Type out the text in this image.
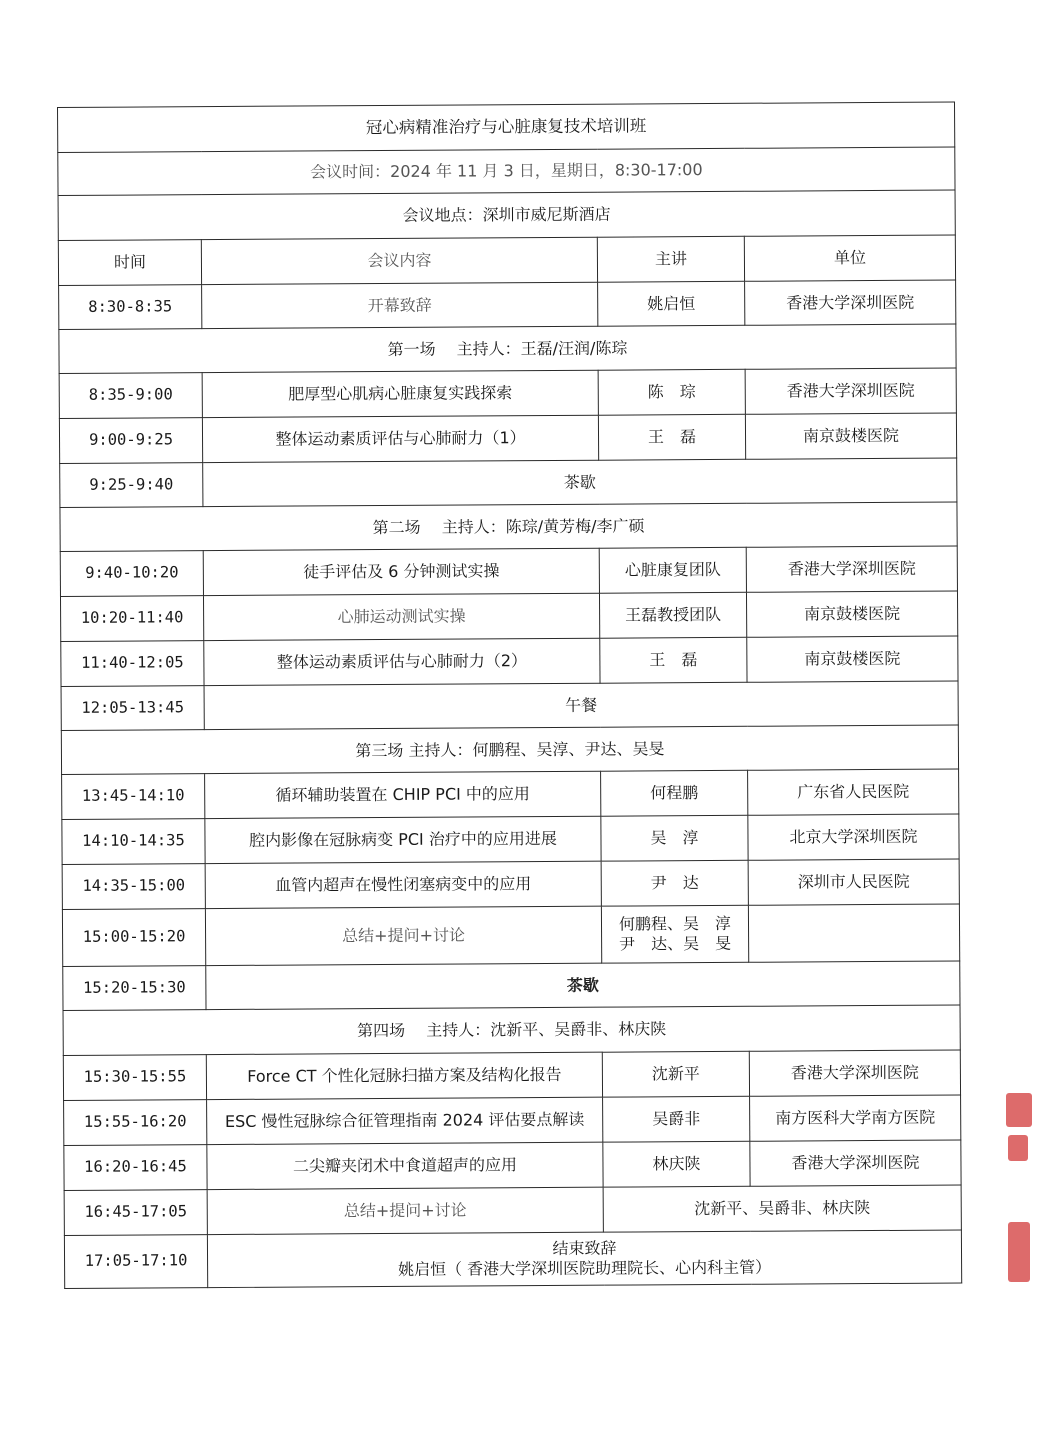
冠心病精准治疗与心脏康复技术培训班			
会议时间：2024 年 11 月 3 日，星期日，8:30-17:00			
会议地点：深圳市威尼斯酒店			
时间	会议内容	主讲	单位
8:30-8:35	开幕致辞	姚启恒	香港大学深圳医院
第一场　 主持人：王磊/汪润/陈琮			
8:35-9:00	肥厚型心肌病心脏康复实践探索	陈　琮	香港大学深圳医院
9:00-9:25	整体运动素质评估与心肺耐力（1）	王　磊	南京鼓楼医院
9:25-9:40	茶歇		
第二场　 主持人：陈琮/黄芳梅/李广硕			
9:40-10:20	徒手评估及 6 分钟测试实操	心脏康复团队	香港大学深圳医院
10:20-11:40	心肺运动测试实操	王磊教授团队	南京鼓楼医院
11:40-12:05	整体运动素质评估与心肺耐力（2）	王　磊	南京鼓楼医院
12:05-13:45	午餐		
第三场 主持人：何鹏程、吴淳、尹达、吴旻			
13:45-14:10	循环辅助装置在 CHIP PCI 中的应用	何程鹏	广东省人民医院
14:10-14:35	腔内影像在冠脉病变 PCI 治疗中的应用进展	吴　淳	北京大学深圳医院
14:35-15:00	血管内超声在慢性闭塞病变中的应用	尹　达	深圳市人民医院
15:00-15:20	总结+提问+讨论	何鹏程、吴　淳
尹　达、吴　旻	

15:20-15:30	茶歇		
第四场　 主持人：沈新平、吴爵非、林庆陕			
15:30-15:55	Force CT 个性化冠脉扫描方案及结构化报告	沈新平	香港大学深圳医院
15:55-16:20	ESC 慢性冠脉综合征管理指南 2024 评估要点解读	吴爵非	南方医科大学南方医院
16:20-16:45	二尖瓣夹闭术中食道超声的应用	林庆陕	香港大学深圳医院
16:45-17:05	总结+提问+讨论	沈新平、吴爵非、林庆陕	
17:05-17:10	结束致辞
姚启恒（ 香港大学深圳医院助理院长、心内科主管）		
